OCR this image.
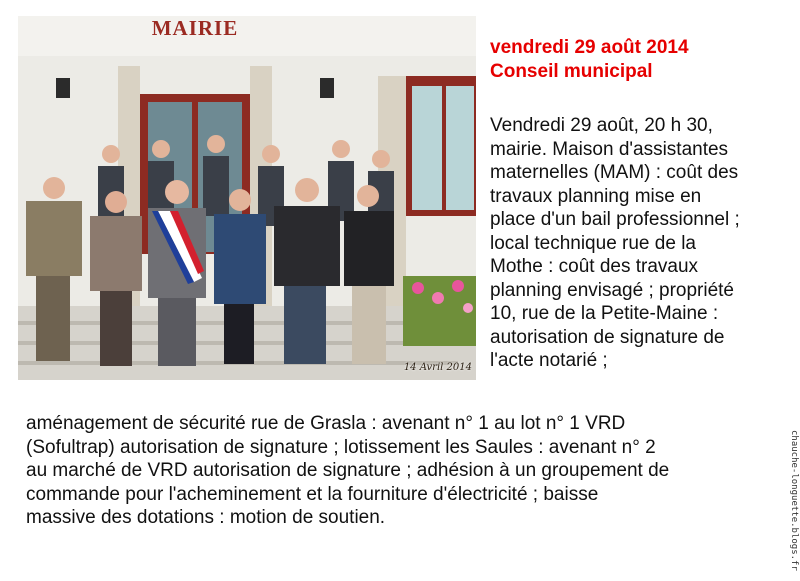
MAIRIE
14 Avril 2014
vendredi 29 août 2014
Conseil municipal
Vendredi 29 août, 20 h 30,
mairie. Maison d'assistantes
maternelles (MAM) : coût des
travaux planning mise en
place d'un bail professionnel ;
local technique rue de la
Mothe : coût des travaux
planning envisagé ; propriété
10, rue de la Petite-Maine :
autorisation de signature de
l'acte notarié ;
aménagement de sécurité rue de Grasla : avenant n° 1 au lot n° 1 VRD
(Sofultrap) autorisation de signature ; lotissement les Saules : avenant n° 2
au marché de VRD autorisation de signature ; adhésion à un groupement de
commande pour l'acheminement et la fourniture d'électricité ; baisse
massive des dotations : motion de soutien.	chauche-longuette.blogs.fr
